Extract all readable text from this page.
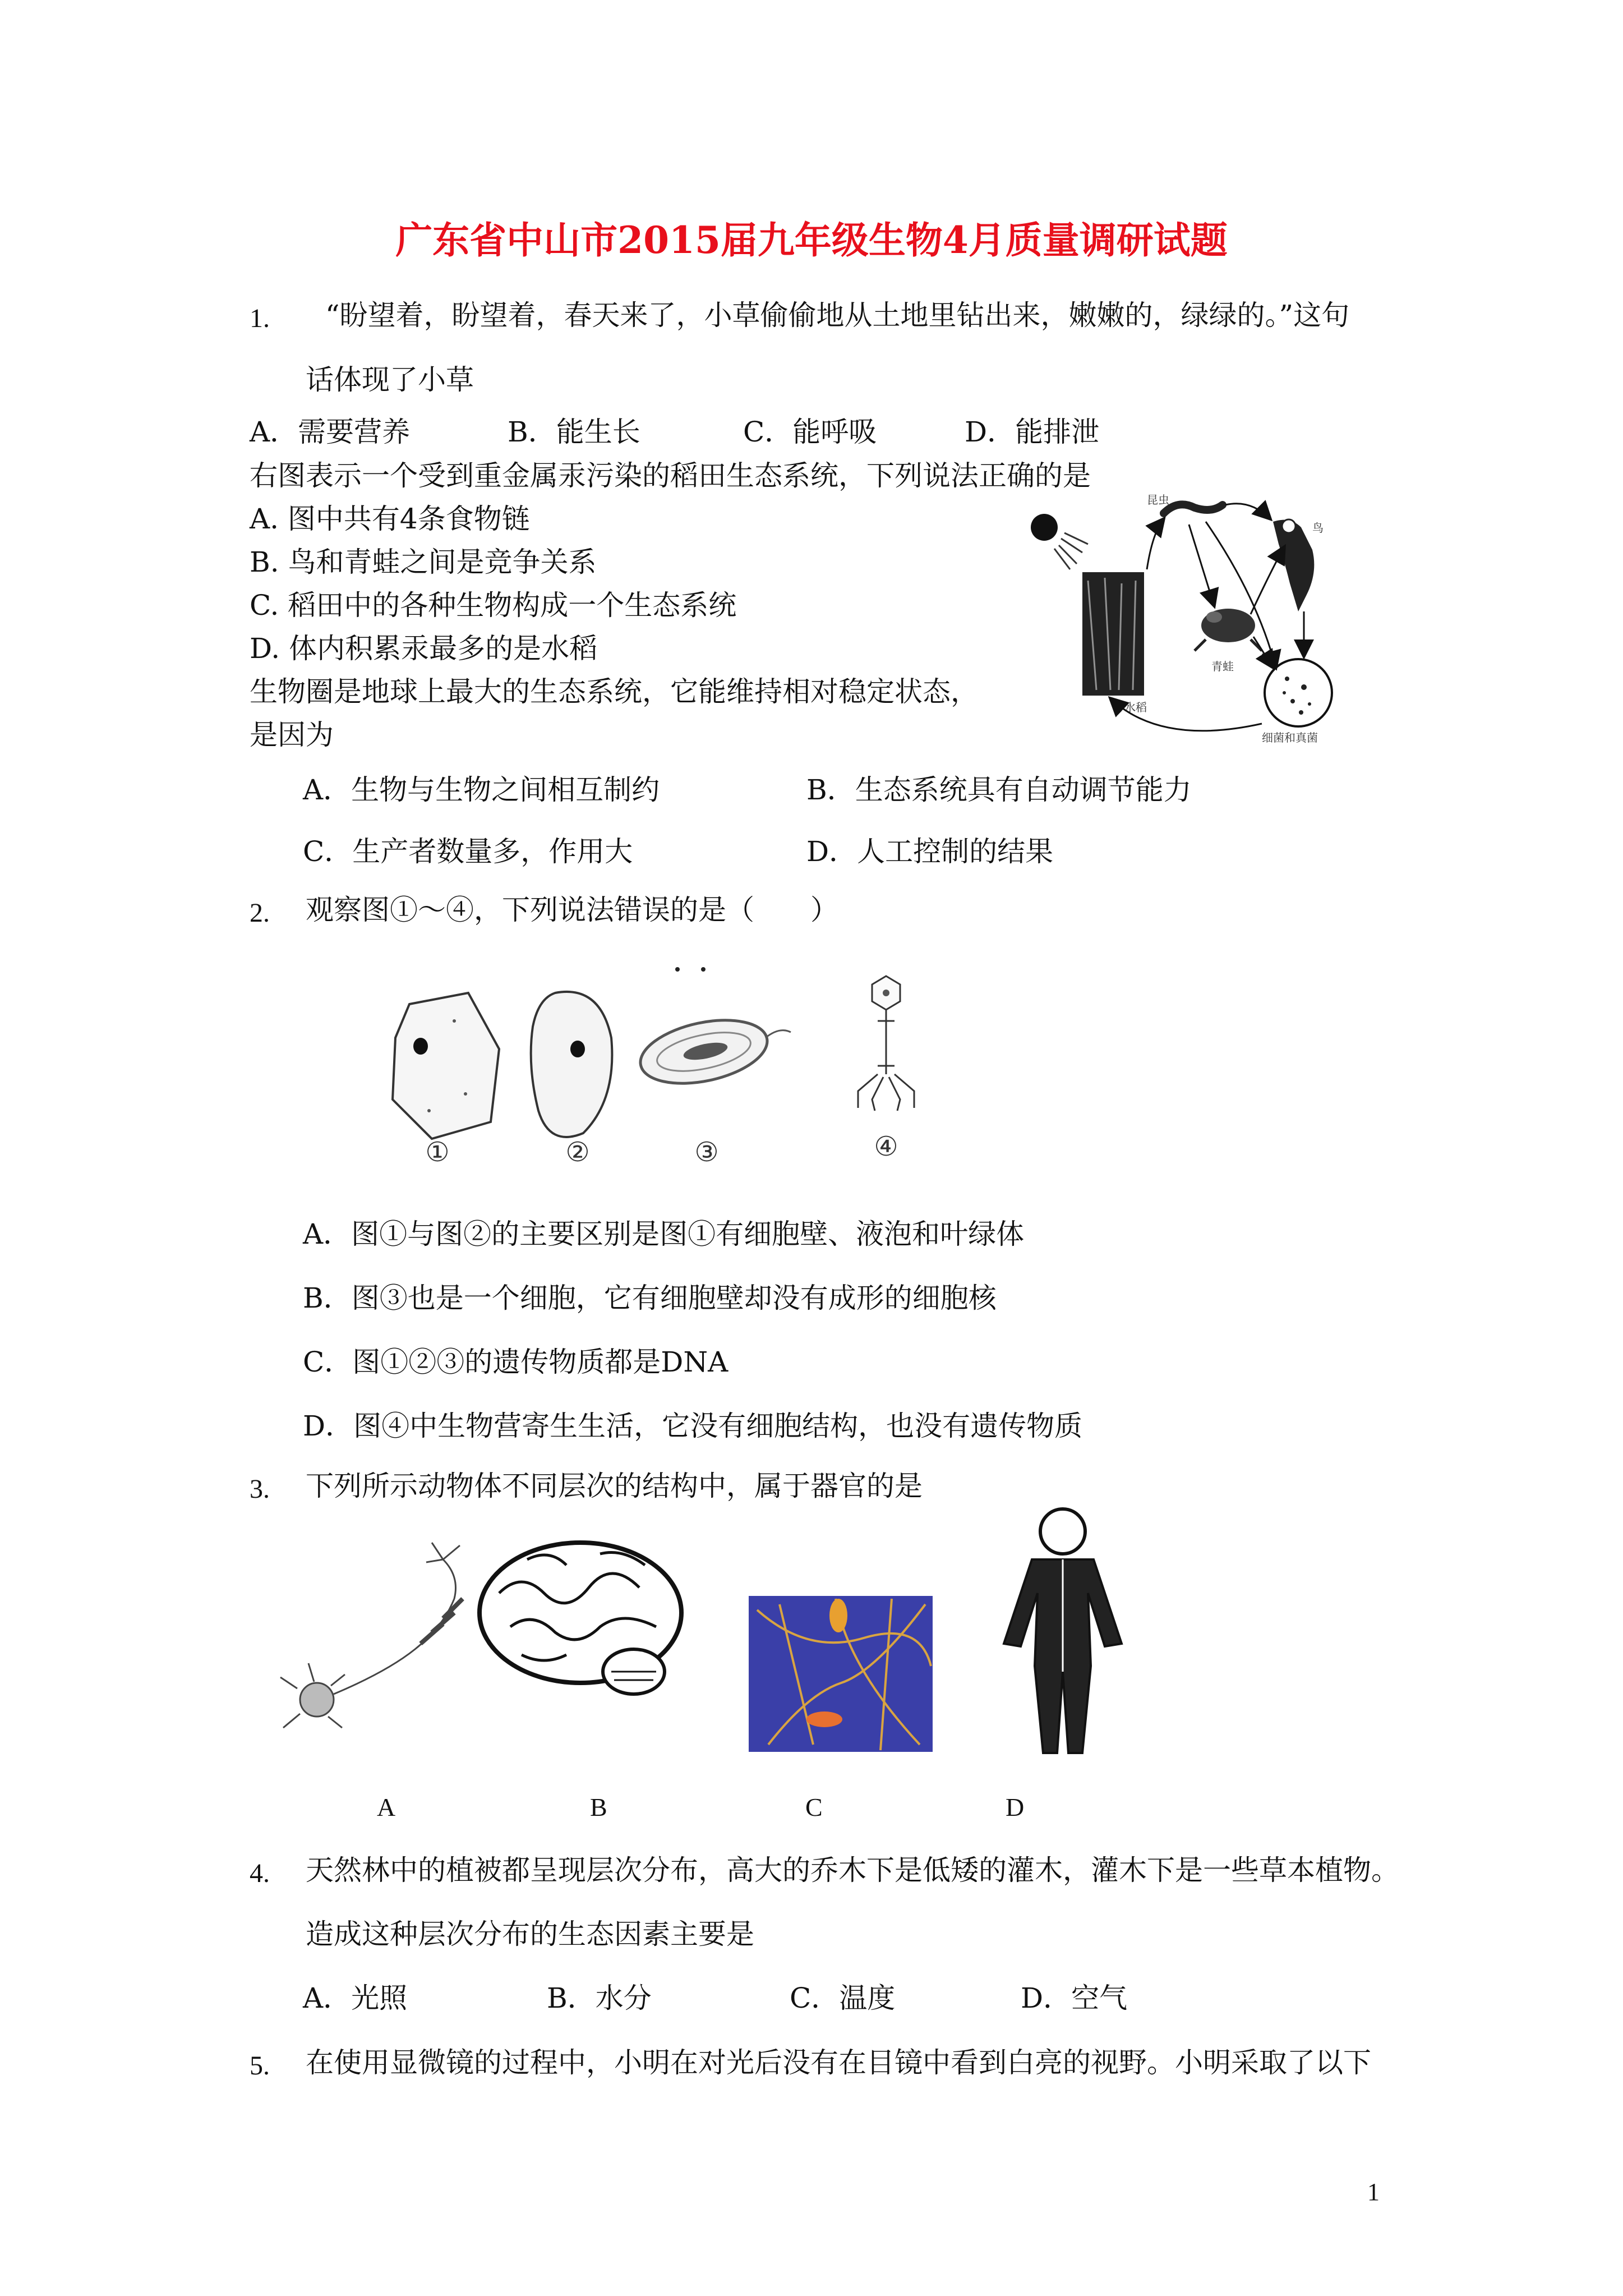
广东省中山市2015届九年级生物4月质量调研试题
1. “盼望着，盼望着，春天来了，小草偷偷地从土地里钻出来，嫩嫩的，绿绿的。”这句
话体现了小草
A．需要营养	B．能生长	C．能呼吸	D．能排泄
右图表示一个受到重金属汞污染的稻田生态系统，下列说法正确的是
A. 图中共有4条食物链
B. 鸟和青蛙之间是竞争关系
C. 稻田中的各种生物构成一个生态系统
D. 体内积累汞最多的是水稻
水稻
昆虫
鸟
青蛙
细菌和真菌
生物圈是地球上最大的生态系统，它能维持相对稳定状态，
是因为
A．生物与生物之间相互制约	B．生态系统具有自动调节能力
C．生产者数量多，作用大	D．人工控制的结果
2. 观察图①～④，下列说法错误的是（　　）
①	②	③	④
A．图①与图②的主要区别是图①有细胞壁、液泡和叶绿体
B．图③也是一个细胞，它有细胞壁却没有成形的细胞核
C．图①②③的遗传物质都是DNA
D．图④中生物营寄生生活，它没有细胞结构，也没有遗传物质
3. 下列所示动物体不同层次的结构中，属于器官的是
A	B	C	D
4. 天然林中的植被都呈现层次分布，高大的乔木下是低矮的灌木，灌木下是一些草本植物。
造成这种层次分布的生态因素主要是
A．光照	B．水分	C．温度	D．空气
5. 在使用显微镜的过程中，小明在对光后没有在目镜中看到白亮的视野。小明采取了以下
1
